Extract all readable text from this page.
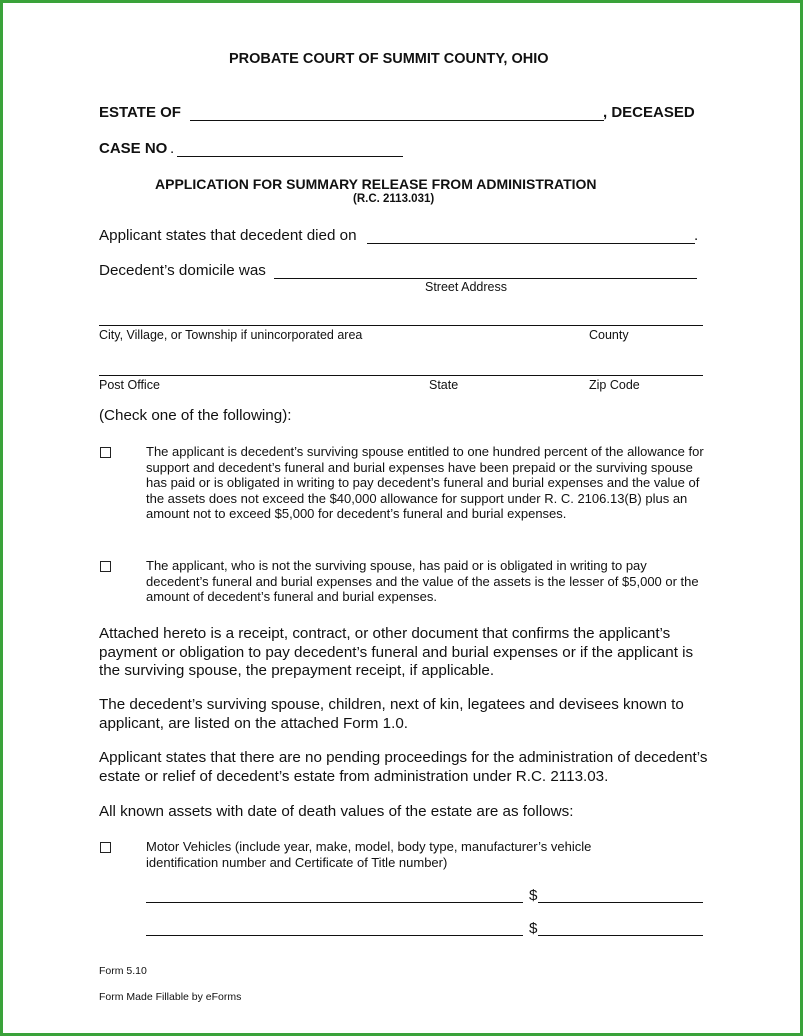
PROBATE COURT OF SUMMIT COUNTY, OHIO
ESTATE OF	, DECEASED
CASE NO .
APPLICATION FOR SUMMARY RELEASE FROM ADMINISTRATION
(R.C. 2113.031)
Applicant states that decedent died on	.
Decedent’s domicile was
Street Address
City, Village, or Township if unincorporated area	County
Post Office	State	Zip Code
(Check one of the following):
The applicant is decedent’s surviving spouse entitled to one hundred percent of the allowance for support and decedent’s funeral and burial expenses have been prepaid or the surviving spouse has paid or is obligated in writing to pay decedent’s funeral and burial expenses and the value of the assets does not exceed the $40,000 allowance for support under R. C. 2106.13(B) plus an amount not to exceed $5,000 for decedent’s funeral and burial expenses.
The applicant, who is not the surviving spouse, has paid or is obligated in writing to pay decedent’s funeral and burial expenses and the value of the assets is the lesser of $5,000 or the amount of decedent’s funeral and burial expenses.
Attached hereto is a receipt, contract, or other document that confirms the applicant’s payment or obligation to pay decedent’s funeral and burial expenses or if the applicant is the surviving spouse, the prepayment receipt, if applicable.
The decedent’s surviving spouse, children, next of kin, legatees and devisees known to applicant, are listed on the attached Form 1.0.
Applicant states that there are no pending proceedings for the administration of decedent’s estate or relief of decedent’s estate from administration under R.C. 2113.03.
All known assets with date of death values of the estate are as follows:
Motor Vehicles (include year, make, model, body type, manufacturer’s vehicle identification number and Certificate of Title number)
$
$
Form 5.10
Form Made Fillable by eForms
